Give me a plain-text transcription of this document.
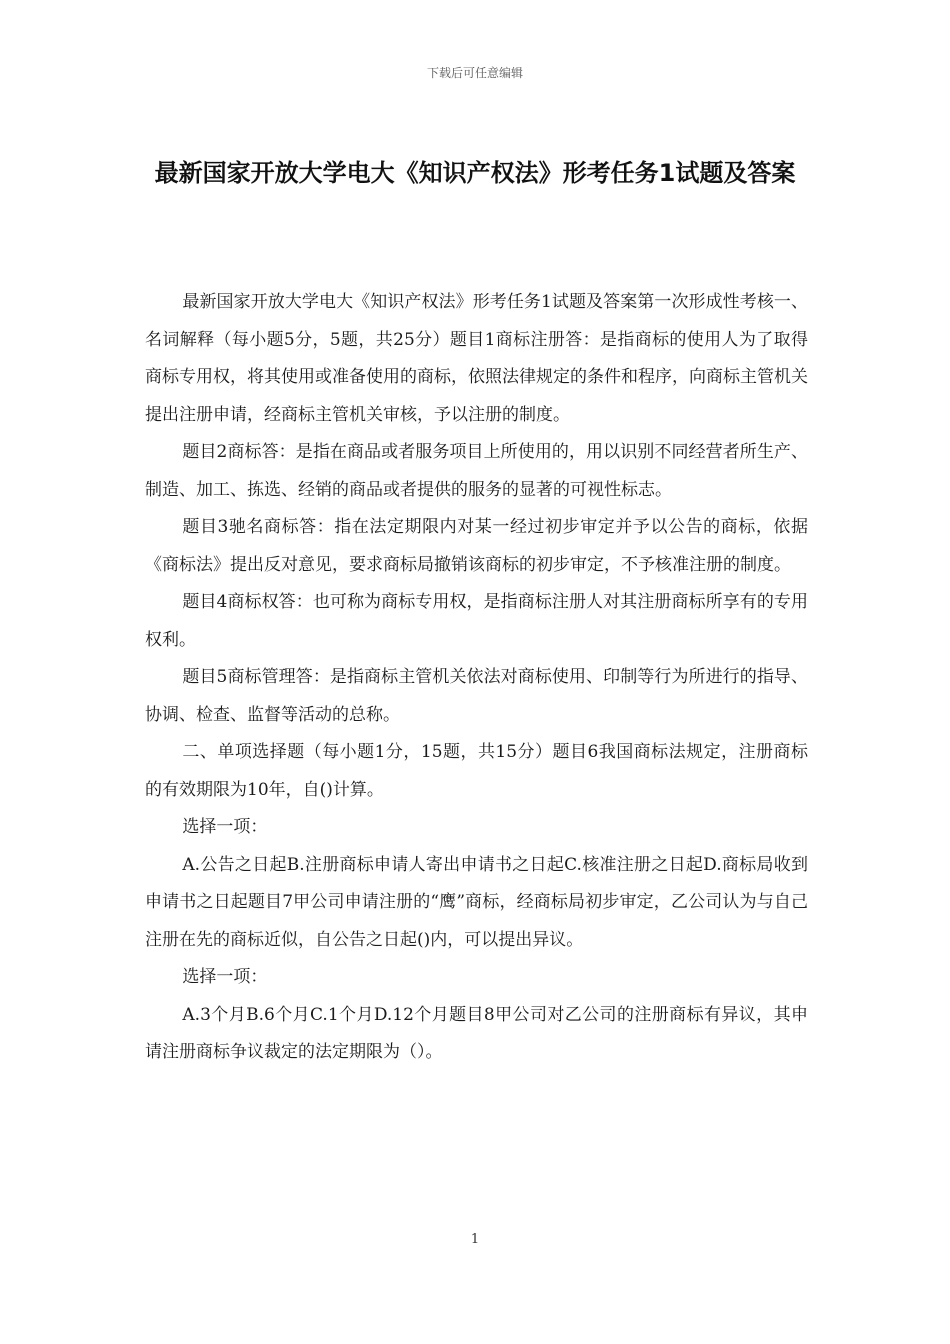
下载后可任意编辑
最新国家开放大学电大《知识产权法》形考任务1试题及答案

最新国家开放大学电大《知识产权法》形考任务1试题及答案第一次形成性考核一、名词解释（每小题5分，5题，共25分）题目1商标注册答：是指商标的使用人为了取得商标专用权，将其使用或准备使用的商标，依照法律规定的条件和程序，向商标主管机关提出注册申请，经商标主管机关审核，予以注册的制度。

题目2商标答：是指在商品或者服务项目上所使用的，用以识别不同经营者所生产、制造、加工、拣选、经销的商品或者提供的服务的显著的可视性标志。

题目3驰名商标答：指在法定期限内对某一经过初步审定并予以公告的商标，依据《商标法》提出反对意见，要求商标局撤销该商标的初步审定，不予核准注册的制度。

题目4商标权答：也可称为商标专用权，是指商标注册人对其注册商标所享有的专用权利。

题目5商标管理答：是指商标主管机关依法对商标使用、印制等行为所进行的指导、协调、检查、监督等活动的总称。

二、单项选择题（每小题1分，15题，共15分）题目6我国商标法规定，注册商标的有效期限为10年，自()计算。

选择一项：

A.公告之日起B.注册商标申请人寄出申请书之日起C.核准注册之日起D.商标局收到申请书之日起题目7甲公司申请注册的“鹰”商标，经商标局初步审定，乙公司认为与自己注册在先的商标近似，自公告之日起()内，可以提出异议。

选择一项：

A.3个月B.6个月C.1个月D.12个月题目8甲公司对乙公司的注册商标有异议，其申请注册商标争议裁定的法定期限为（）。

1
